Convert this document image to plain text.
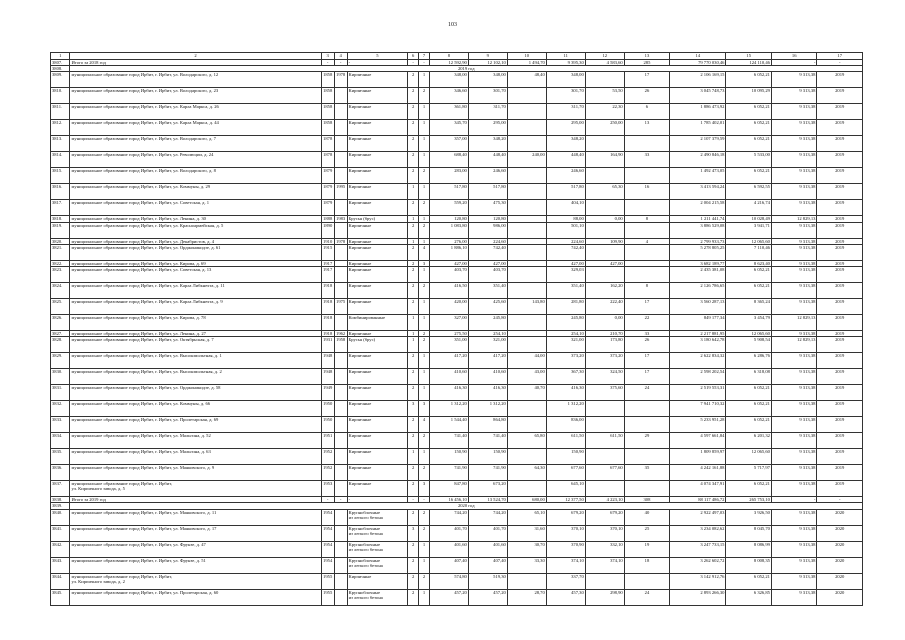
103
1	2	3	4	5	6	7	8	9	10	11	12	13	14	15	16	17
3807.	Итого за 2018 год	-	-	-	-	-	12 592,90	12 102,10	1 494,70	9 395,30	4 583,60	285	79 770 030,46	124 110,46	-	-
3808.	2019 год															
3809.	муниципальное образование город Ирбит, г. Ирбит, ул. Володарского, д. 12	1858	1978	Кирпичные	2	1	348,00	348,00	48,40	348,00		17	2 106 169,15	6 052,21	9 313,38	2019
3810.	муниципальное образование город Ирбит, г. Ирбит, ул. Володарского, д. 23	1858		Кирпичные	2	2	346,60	301,70		301,70	53,50	26	3 045 748,73	10 095,29	9 313,38	2019
3811.	муниципальное образование город Ирбит, г. Ирбит, ул. Карла Маркса, д. 26	1858		Кирпичные	2	1	361,80	311,70		311,70	22,30	6	1 886 473,92	6 052,21	9 313,38	2019
3812.	муниципальное образование город Ирбит, г. Ирбит, ул. Карла Маркса, д. 44	1858		Кирпичные	2	1	345,70	295,00		295,00	250,00	13	1 785 402,01	6 052,21	9 313,38	2019
3813.	муниципальное образование город Ирбит, г. Ирбит, ул. Володарского, д. 7	1878		Кирпичные	2	1	357,00	348,20		348,20			2 107 379,59	6 052,21	9 313,38	2019
3814.	муниципальное образование город Ирбит, г. Ирбит, ул. Революции, д. 24	1878		Кирпичные	2	1	688,40	448,40	240,00	448,40	164,90	33	2 490 846,18	5 533,00	9 313,38	2019
3815.	муниципальное образование город Ирбит, г. Ирбит, ул. Володарского, д. 8	1879		Кирпичные	2	2	283,00	246,60		246,60			1 492 473,05	6 052,21	9 313,38	2019
3816.	муниципальное образование город Ирбит, г. Ирбит, ул. Коммуны, д. 29	1879	1995	Кирпичные	1	1	517,80	517,80		517,80	65,30	16	3 413 594,24	6 592,55	9 313,38	2019
3817.	муниципальное образование город Ирбит, г. Ирбит, ул. Советская, д. 1	1879		Кирпичные	2	2	559,20	475,30		404,10			2 004 215,58	4 216,74	9 313,38	2019
3818.	муниципальное образование город Ирбит, г. Ирбит, ул. Ленина, д. 30	1888	1983	Брусья (брус)	1	1	120,80	120,80		88,00	0,00	8	1 211 441,74	10 028,49	12 829,13	2019
3819.	муниципальное образование город Ирбит, г. Ирбит, ул. Красноармейская, д. 5	1890		Кирпичные	2	2	1 083,80	986,00		501,10			3 886 529,08	3 941,71	9 313,38	2019
3820.	муниципальное образование город Ирбит, г. Ирбит, ул. Декабристов, д. 4	1910	1978	Кирпичные	1	1	276,00	224,60		224,60	109,90	4	2 799 933,73	12 065,60	9 313,38	2019
3821.	муниципальное образование город Ирбит, г. Ирбит, ул. Орджоникидзе, д. 61	1915		Кирпичные	2	4	1 886,10	742,40		742,40			5 278 805,25	7 110,46	9 313,38	2019
3822.	муниципальное образование город Ирбит, г. Ирбит, ул. Кирова, д. 69	1917		Кирпичные	2	3	427,00	427,00		427,00	427,00		3 682 189,77	8 623,40	9 313,38	2019
3823.	муниципальное образование город Ирбит, г. Ирбит, ул. Советская, д. 13	1917		Кирпичные	2	1	403,70	403,70		329,03			2 435 381,08	6 052,21	9 313,38	2019
3824.	муниципальное образование город Ирбит, г. Ирбит, ул. Карла Либкнехта, д. 11	1918		Кирпичные	2	2	416,50	351,40		351,40	162,20	8	2 126 786,65	6 052,21	9 313,38	2019
3825.	муниципальное образование город Ирбит, г. Ирбит, ул. Карла Либкнехта, д. 9	1918	1975	Кирпичные	2	1	420,00	425,60	143,80	281,80	222,40	17	3 560 287,13	8 365,24	9 313,38	2019
3826.	муниципальное образование город Ирбит, г. Ирбит, ул. Кирова, д. 78	1918		Комбинированные	1	1	327,00	245,80		245,80	0,00	22	849 177,34	3 454,79	12 829,13	2019
3827.	муниципальное образование город Ирбит, г. Ирбит, ул. Ленина, д. 27	1918	1962	Кирпичные	1	2	275,50	254,10		254,10	210,70	33	2 217 881,95	12 065,60	9 313,38	2019
3828.	муниципальное образование город Ирбит, г. Ирбит, ул. Октябрьская, д. 7	1931	1958	Брусья (брус)	1	2	351,00	321,00		321,00	173,80	26	3 180 642,78	5 908,54	12 829,13	2019
3829.	муниципальное образование город Ирбит, г. Ирбит, ул. Высокомольтная, д. 1	1948		Кирпичные	2	1	417,20	417,20	44,00	373,20	373,20	17	2 622 834,32	6 286,76	9 313,38	2019
3830.	муниципальное образование город Ирбит, г. Ирбит, ул. Высокомольтная, д. 2	1948		Кирпичные	2	1	410,60	410,60	43,00	367,30	324,50	17	2 598 202,54	6 318,08	9 313,38	2019
3831.	муниципальное образование город Ирбит, г. Ирбит, ул. Орджоникидзе, д. 58	1949		Кирпичные	2	1	416,30	416,30	40,70	416,30	375,60	24	2 519 553,31	6 052,21	9 313,38	2019
3832.	муниципальное образование город Ирбит, г. Ирбит, ул. Коммуны, д. 66	1950		Кирпичные	3	3	1 312,20	1 312,20		1 312,20			7 941 710,32	6 052,21	9 313,38	2019
3833.	муниципальное образование город Ирбит, г. Ирбит, ул. Пролетарская, д. 69	1950		Кирпичные	2	4	1 544,40	864,80		836,00			5 233 951,28	6 052,21	9 313,38	2019
3834.	муниципальное образование город Ирбит, г. Ирбит, ул. Мальгина, д. 52	1951		Кирпичные	2	2	741,40	741,40	65,80	611,50	611,50	29	4 597 661,84	6 201,32	9 313,38	2019
3835.	муниципальное образование город Ирбит, г. Ирбит, ул. Мальгина, д. 63	1952		Кирпичные	1	1	150,90	150,90		150,90			1 809 859,97	12 065,60	9 313,38	2019
3836.	муниципальное образование город Ирбит, г. Ирбит, ул. Маяковского, д. 9	1952		Кирпичные	2	2	741,90	741,90	64,30	677,60	677,60	35	4 242 161,88	5 717,97	9 313,38	2019
3837.	муниципальное образование город Ирбит, г. Ирбит,
ул. Кирпичного завода, д. 5	1953		Кирпичные	2	3	847,80	673,20		645,10			4 074 347,91	6 052,21	9 313,38	2019
3838.	Итого за 2019 год	-	-	-	-	-	16 456,10	13 524,70	680,00	12 377,50	4 223,10	308	88 117 486,72	265 753,10	-	-
3839.	2020 год															
3840.	муниципальное образование город Ирбит, г. Ирбит, ул. Маяковского, д. 11	1954		Крупноблочные
из легкого бетона	2	2	744,20	744,20	65,10	679,20	679,20	40	2 922 497,03	3 926,50	9 313,38	2020
3841.	муниципальное образование город Ирбит, г. Ирбит, ул. Маяковского, д. 17	1954		Крупноблочные
из легкого бетона	3	2	401,70	401,70	31,60	370,10	370,10	25	3 234 082,62	8 045,70	9 313,38	2020
3842.	муниципальное образование город Ирбит, г. Ирбит, ул. Фрунзе, д. 47	1954		Крупноблочные
из легкого бетона	2	1	401,60	401,60	30,70	370,90	332,10	19	3 247 733,15	8 086,99	9 313,38	2020
3843.	муниципальное образование город Ирбит, г. Ирбит, ул. Фрунзе, д. 51	1954		Крупноблочные
из легкого бетона	2	1	407,40	407,40	33,30	374,10	374,10	18	3 262 602,72	8 008,35	9 313,38	2020
3844.	муниципальное образование город Ирбит, г. Ирбит,
ул. Кирпичного завода, д. 2	1955		Кирпичные	2	2	574,80	519,30		337,70			3 142 912,76	6 052,21	9 313,38	2020
3845.	муниципальное образование город Ирбит, г. Ирбит, ул. Пролетарская, д. 60	1955		Крупноблочные
из легкого бетона	2	1	457,20	457,20	28,70	457,30	298,90	24	2 893 266,30	6 326,85	9 313,38	2020
